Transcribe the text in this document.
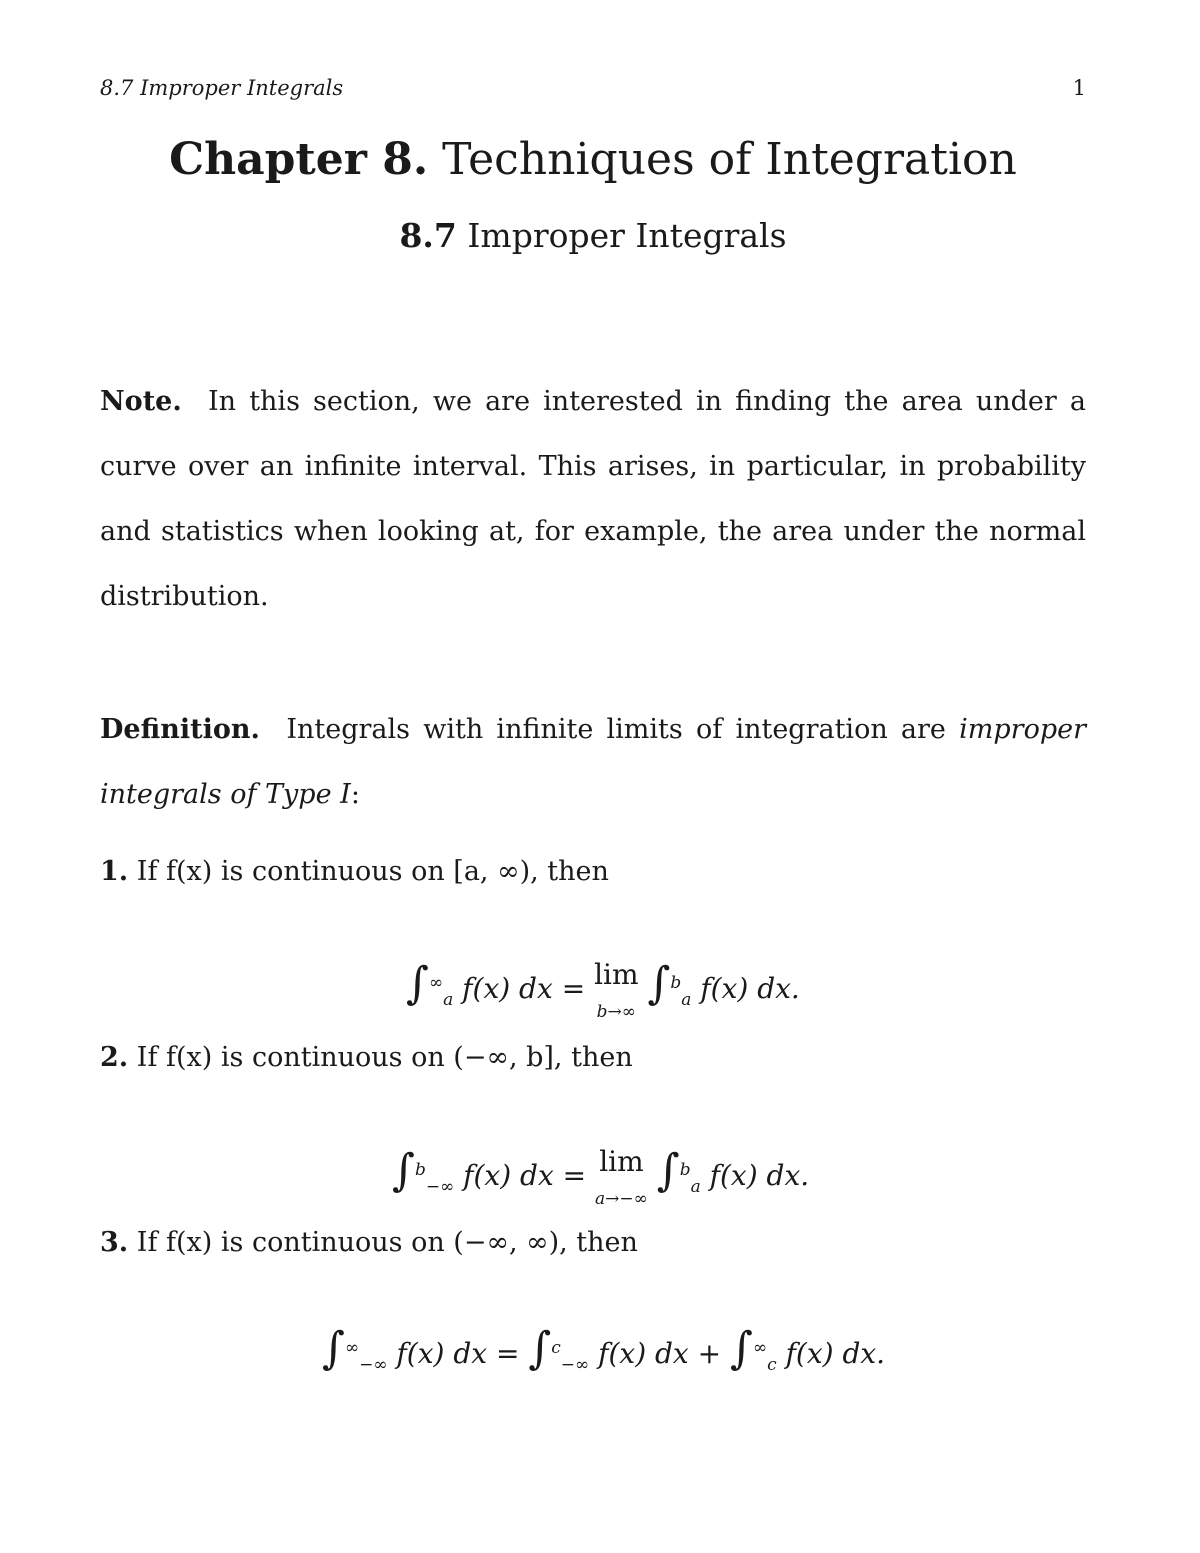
8.7 Improper Integrals	1
Chapter 8. Techniques of Integration
8.7 Improper Integrals
Note. In this section, we are interested in finding the area under a curve over an infinite interval. This arises, in particular, in probability and statistics when looking at, for example, the area under the normal distribution.
Definition. Integrals with infinite limits of integration are improper integrals of Type I:
1. If f(x) is continuous on [a, ∞), then
$\int^\infty_a$ f(x) dx = lim
b→∞ ∫$^b_a$ f(x) dx.
2. If f(x) is continuous on (−∞, b], then
∫$^b_{-\infty}$ f(x) dx = lim
a→−∞ ∫$^b_a$ f(x) dx.
3. If f(x) is continuous on (−∞, ∞), then
$\int^\infty_{-\infty}$ f(x) dx = ∫$^c_{-\infty}$ f(x) dx + $\int^\infty_c$ f(x) dx.
